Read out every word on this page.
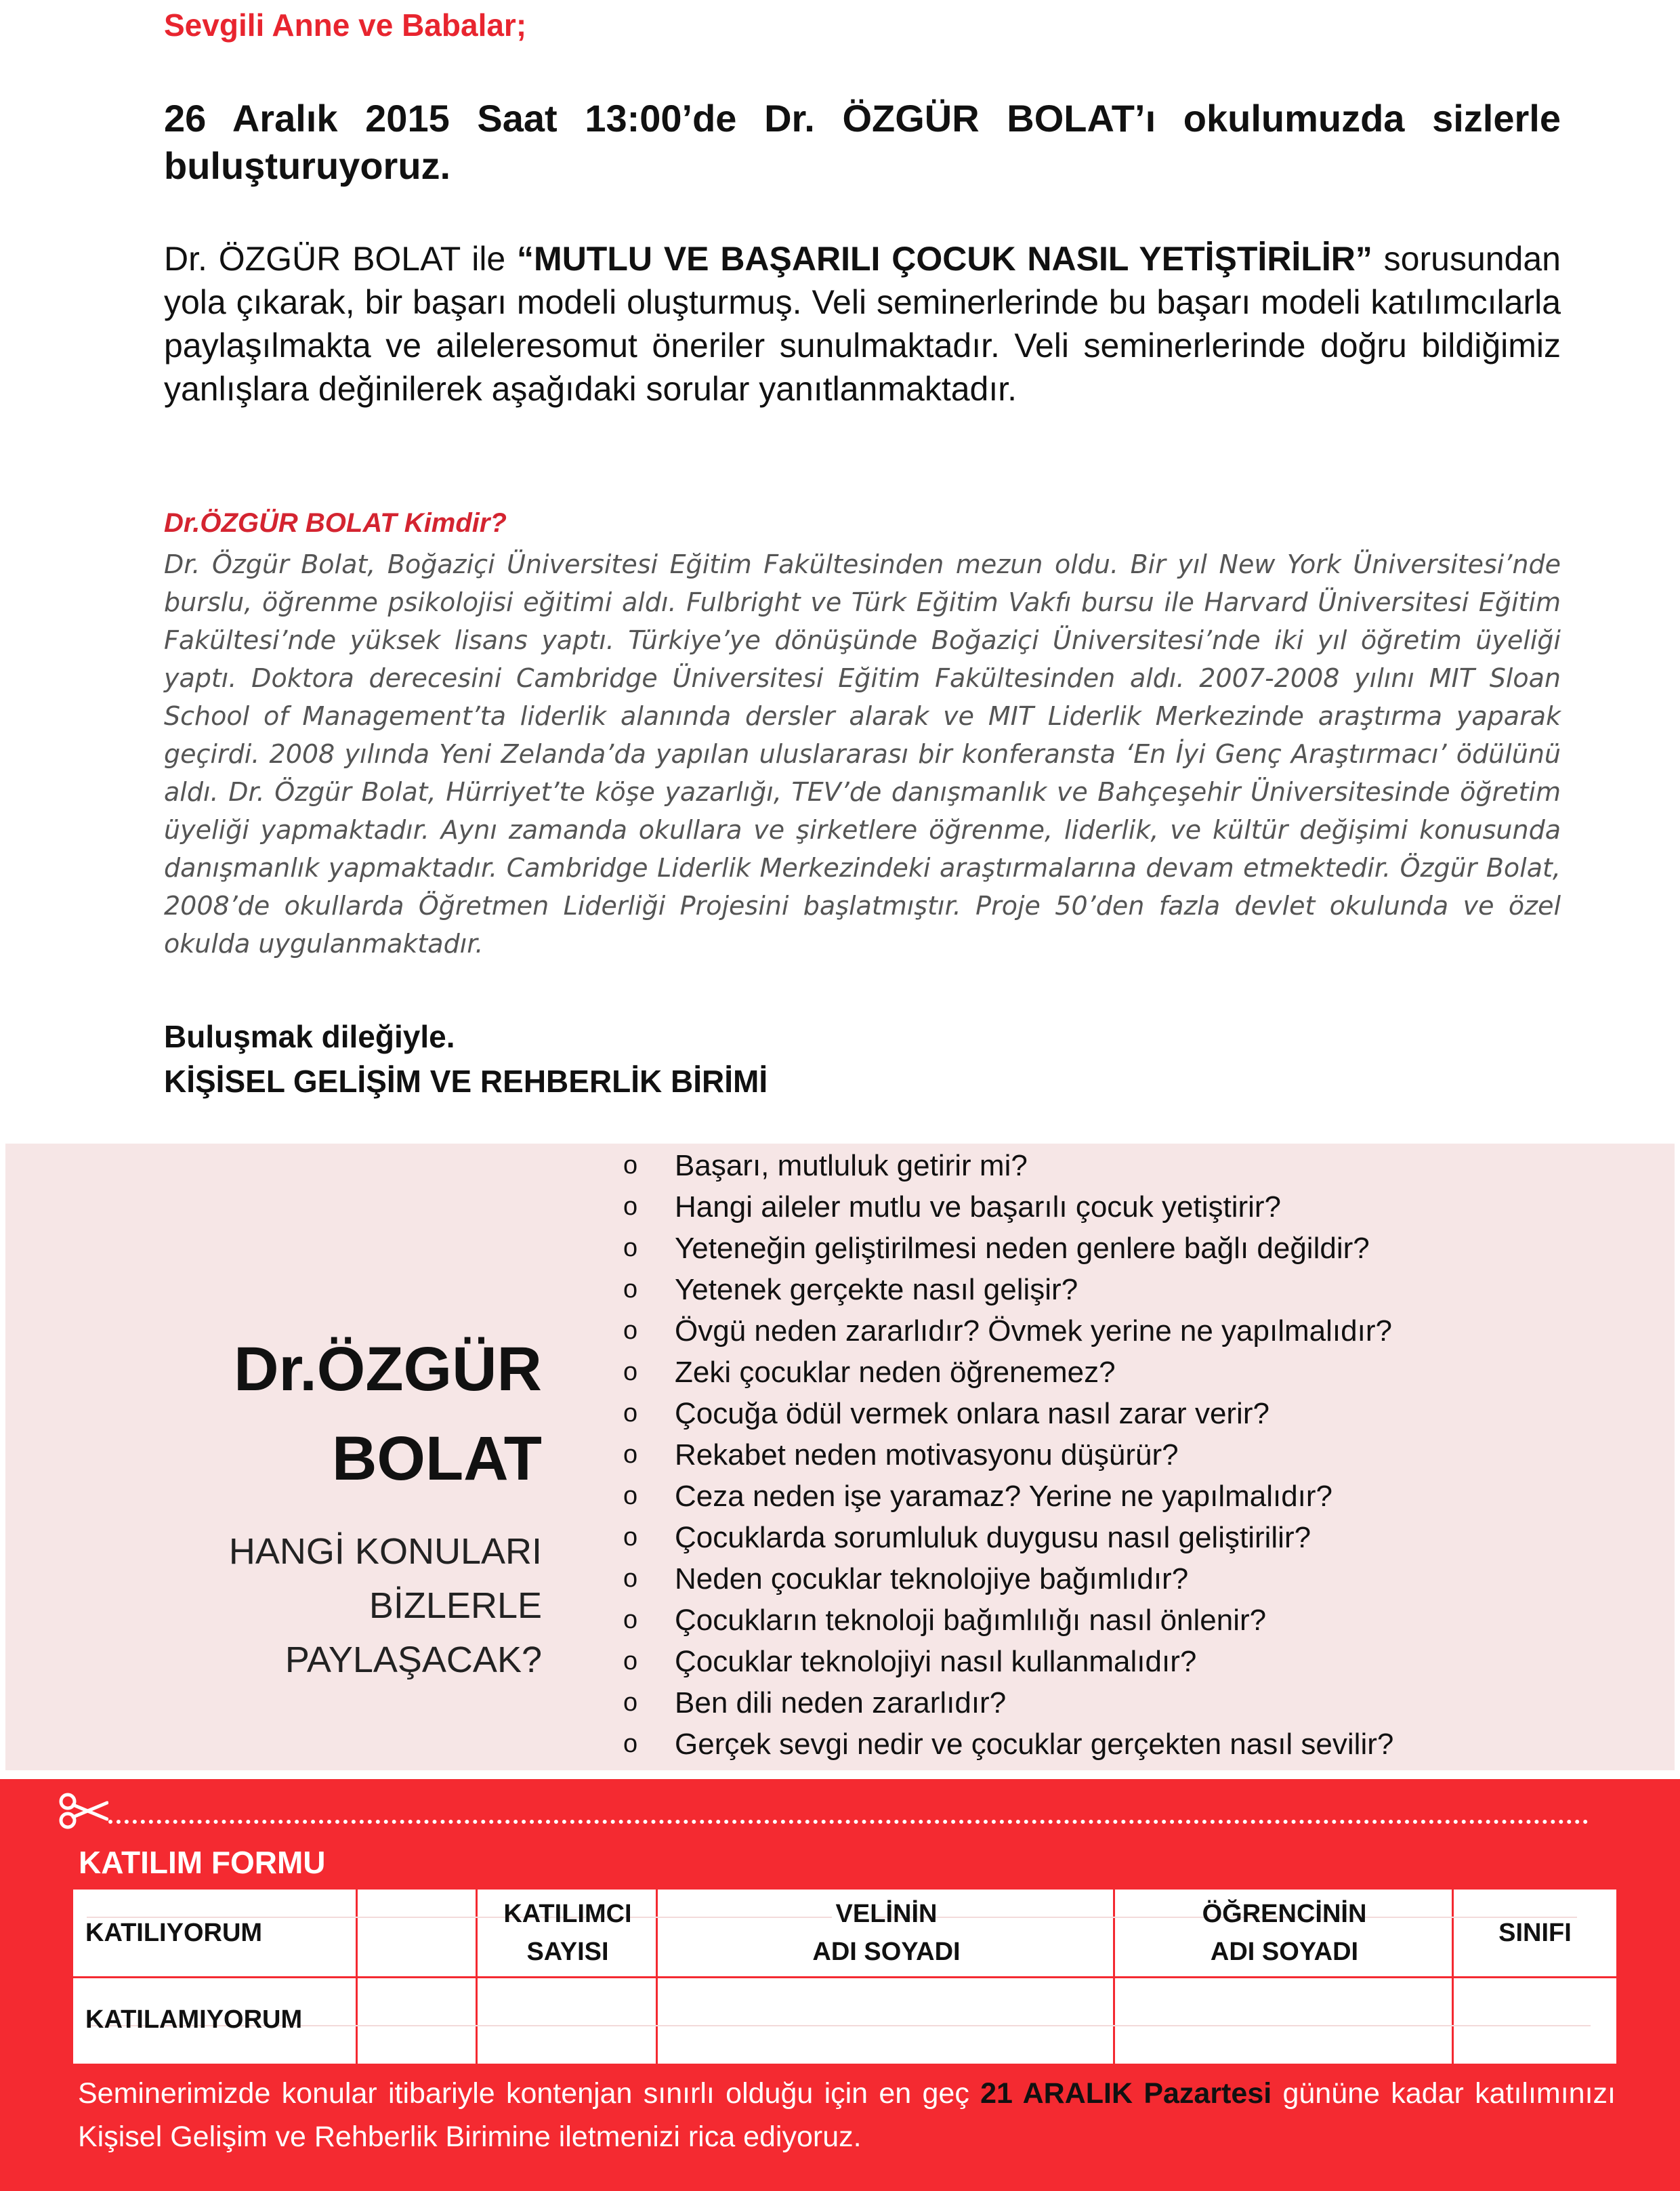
Sevgili Anne ve Babalar;
26 Aralık 2015 Saat 13:00’de Dr. ÖZGÜR BOLAT’ı okulumuzda sizlerle buluşturuyoruz.
Dr. ÖZGÜR BOLAT ile “MUTLU VE BAŞARILI ÇOCUK NASIL YETİŞTİRİLİR” sorusundan yola çıkarak, bir başarı modeli oluşturmuş. Veli seminerlerinde bu başarı modeli katılımcılarla paylaşılmakta ve aileleresomut öneriler sunulmaktadır. Veli seminerlerinde doğru bildiğimiz yanlışlara değinilerek aşağıdaki sorular yanıtlanmaktadır.
Dr.ÖZGÜR BOLAT Kimdir?
Dr. Özgür Bolat, Boğaziçi Üniversitesi Eğitim Fakültesinden mezun oldu. Bir yıl New York Üniversitesi’nde burslu, öğrenme psikolojisi eğitimi aldı. Fulbright ve Türk Eğitim Vakfı bursu ile Harvard Üniversitesi Eğitim Fakültesi’nde yüksek lisans yaptı. Türkiye’ye dönüşünde Boğaziçi Üniversitesi’nde iki yıl öğretim üyeliği yaptı. Doktora derecesini Cambridge Üniversitesi Eğitim Fakültesinden aldı. 2007-2008 yılını MIT Sloan School of Management’ta liderlik alanında dersler alarak ve MIT Liderlik Merkezinde araştırma yaparak geçirdi. 2008 yılında Yeni Zelanda’da yapılan uluslararası bir konferansta ‘En İyi Genç Araştırmacı’ ödülünü aldı. Dr. Özgür Bolat, Hürriyet’te köşe yazarlığı, TEV’de danışmanlık ve Bahçeşehir Üniversitesinde öğretim üyeliği yapmaktadır. Aynı zamanda okullara ve şirketlere öğrenme, liderlik, ve kültür değişimi konusunda danışmanlık yapmaktadır. Cambridge Liderlik Merkezindeki araştırmalarına devam etmektedir. Özgür Bolat, 2008’de okullarda Öğretmen Liderliği Projesini başlatmıştır. Proje 50’den fazla devlet okulunda ve özel okulda uygulanmaktadır.
Buluşmak dileğiyle.
KİŞİSEL GELİŞİM VE REHBERLİK BİRİMİ
Dr.ÖZGÜR
BOLAT
HANGİ KONULARI
BİZLERLE
PAYLAŞACAK?
o Başarı, mutluluk getirir mi?
o Hangi aileler mutlu ve başarılı çocuk yetiştirir?
o Yeteneğin geliştirilmesi neden genlere bağlı değildir?
o Yetenek gerçekte nasıl gelişir?
o Övgü neden zararlıdır? Övmek yerine ne yapılmalıdır?
o Zeki çocuklar neden öğrenemez?
o Çocuğa ödül vermek onlara nasıl zarar verir?
o Rekabet neden motivasyonu düşürür?
o Ceza neden işe yaramaz? Yerine ne yapılmalıdır?
o Çocuklarda sorumluluk duygusu nasıl geliştirilir?
o Neden çocuklar teknolojiye bağımlıdır?
o Çocukların teknoloji bağımlılığı nasıl önlenir?
o Çocuklar teknolojiyi nasıl kullanmalıdır?
o Ben dili neden zararlıdır?
o Gerçek sevgi nedir ve çocuklar gerçekten nasıl sevilir?
KATILIM FORMU
KATILIYORUM
KATILAMIYORUM
KATILIMCI
SAYISI
VELİNİN
ADI SOYADI
ÖĞRENCİNİN
ADI SOYADI
SINIFI
Seminerimizde konular itibariyle kontenjan sınırlı olduğu için en geç 21 ARALIK Pazartesi gününe kadar katılımınızı Kişisel Gelişim ve Rehberlik Birimine iletmenizi rica ediyoruz.
